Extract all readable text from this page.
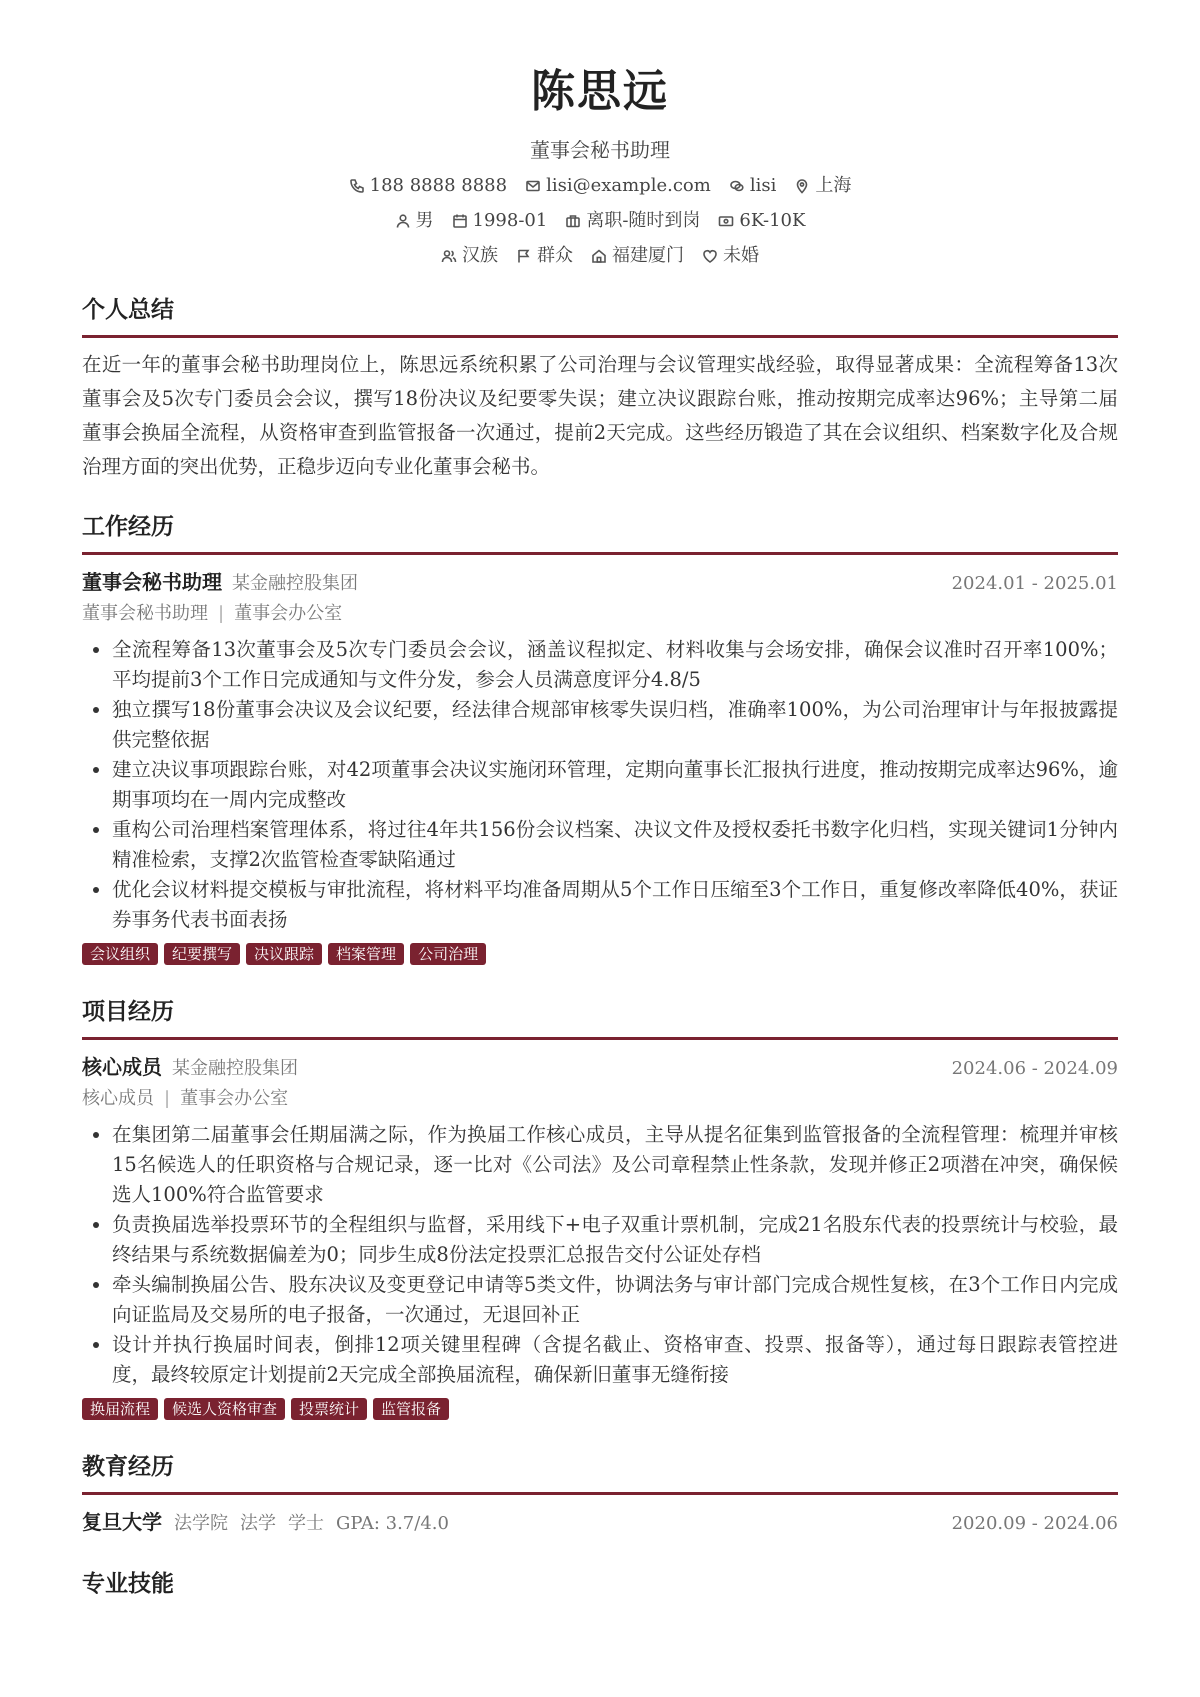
陈思远
董事会秘书助理
188 8888 8888 lisi@example.com lisi 上海
男 1998-01 离职-随时到岗 6K-10K
汉族 群众 福建厦门 未婚
个人总结
在近一年的董事会秘书助理岗位上，陈思远系统积累了公司治理与会议管理实战经验，取得显著成果：全流程筹备13次董事会及5次专门委员会会议，撰写18份决议及纪要零失误；建立决议跟踪台账，推动按期完成率达96%；主导第二届董事会换届全流程，从资格审查到监管报备一次通过，提前2天完成。这些经历锻造了其在会议组织、档案数字化及合规治理方面的突出优势，正稳步迈向专业化董事会秘书。
工作经历
董事会秘书助理 某金融控股集团	2024.01 - 2025.01
董事会秘书助理 | 董事会办公室
• 全流程筹备13次董事会及5次专门委员会会议，涵盖议程拟定、材料收集与会场安排，确保会议准时召开率100%；平均提前3个工作日完成通知与文件分发，参会人员满意度评分4.8/5
• 独立撰写18份董事会决议及会议纪要，经法律合规部审核零失误归档，准确率100%，为公司治理审计与年报披露提供完整依据
• 建立决议事项跟踪台账，对42项董事会决议实施闭环管理，定期向董事长汇报执行进度，推动按期完成率达96%，逾期事项均在一周内完成整改
• 重构公司治理档案管理体系，将过往4年共156份会议档案、决议文件及授权委托书数字化归档，实现关键词1分钟内精准检索，支撑2次监管检查零缺陷通过
• 优化会议材料提交模板与审批流程，将材料平均准备周期从5个工作日压缩至3个工作日，重复修改率降低40%，获证券事务代表书面表扬
会议组织	纪要撰写	决议跟踪	档案管理	公司治理
项目经历
核心成员 某金融控股集团	2024.06 - 2024.09
核心成员 | 董事会办公室
• 在集团第二届董事会任期届满之际，作为换届工作核心成员，主导从提名征集到监管报备的全流程管理：梳理并审核15名候选人的任职资格与合规记录，逐一比对《公司法》及公司章程禁止性条款，发现并修正2项潜在冲突，确保候选人100%符合监管要求
• 负责换届选举投票环节的全程组织与监督，采用线下+电子双重计票机制，完成21名股东代表的投票统计与校验，最终结果与系统数据偏差为0；同步生成8份法定投票汇总报告交付公证处存档
• 牵头编制换届公告、股东决议及变更登记申请等5类文件，协调法务与审计部门完成合规性复核，在3个工作日内完成向证监局及交易所的电子报备，一次通过，无退回补正
• 设计并执行换届时间表，倒排12项关键里程碑（含提名截止、资格审查、投票、报备等），通过每日跟踪表管控进度，最终较原定计划提前2天完成全部换届流程，确保新旧董事无缝衔接
换届流程	候选人资格审查	投票统计	监管报备
教育经历
复旦大学 法学院 法学 学士 GPA: 3.7/4.0	2020.09 - 2024.06
专业技能
